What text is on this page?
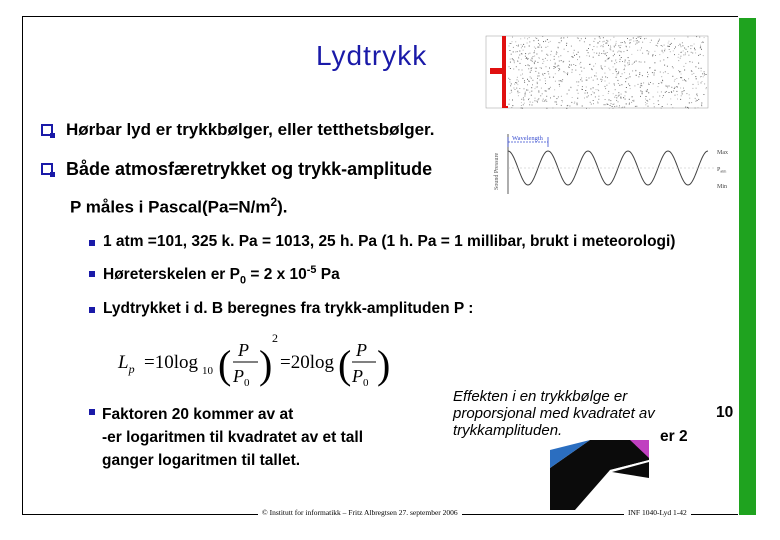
Lydtrykk
Sound Pressure
Wavelength
Max
$P_{atm}$
Min
Hørbar lyd er trykkbølger, eller tetthetsbølger.
Både atmosfæretrykket og trykk-amplitude
P måles i $Pascal(Pa=N/m^2)$.
1 atm =101, 325 k. Pa = 1013, 25 h. Pa (1 h. Pa = 1 millibar, brukt i meteorologi)
Høreterskelen er $P_0 = 2$ x $10^{-5}$ Pa
Lydtrykket i d. B beregnes fra trykk-amplituden P :
$L_p =10\log$ 10 ( P
$P_0$ )
2
=20log ( P
$P_0$ )
Faktoren 20 kommer av at
-er logaritmen til kvadratet av et tall
ganger logaritmen til tallet.
Effekten i en trykkbølge er
proporsjonal med kvadratet av
trykkamplituden.
10
er 2
© Institutt for informatikk – Fritz Albregtsen 27. september 2006	INF 1040-Lyd 1-42
